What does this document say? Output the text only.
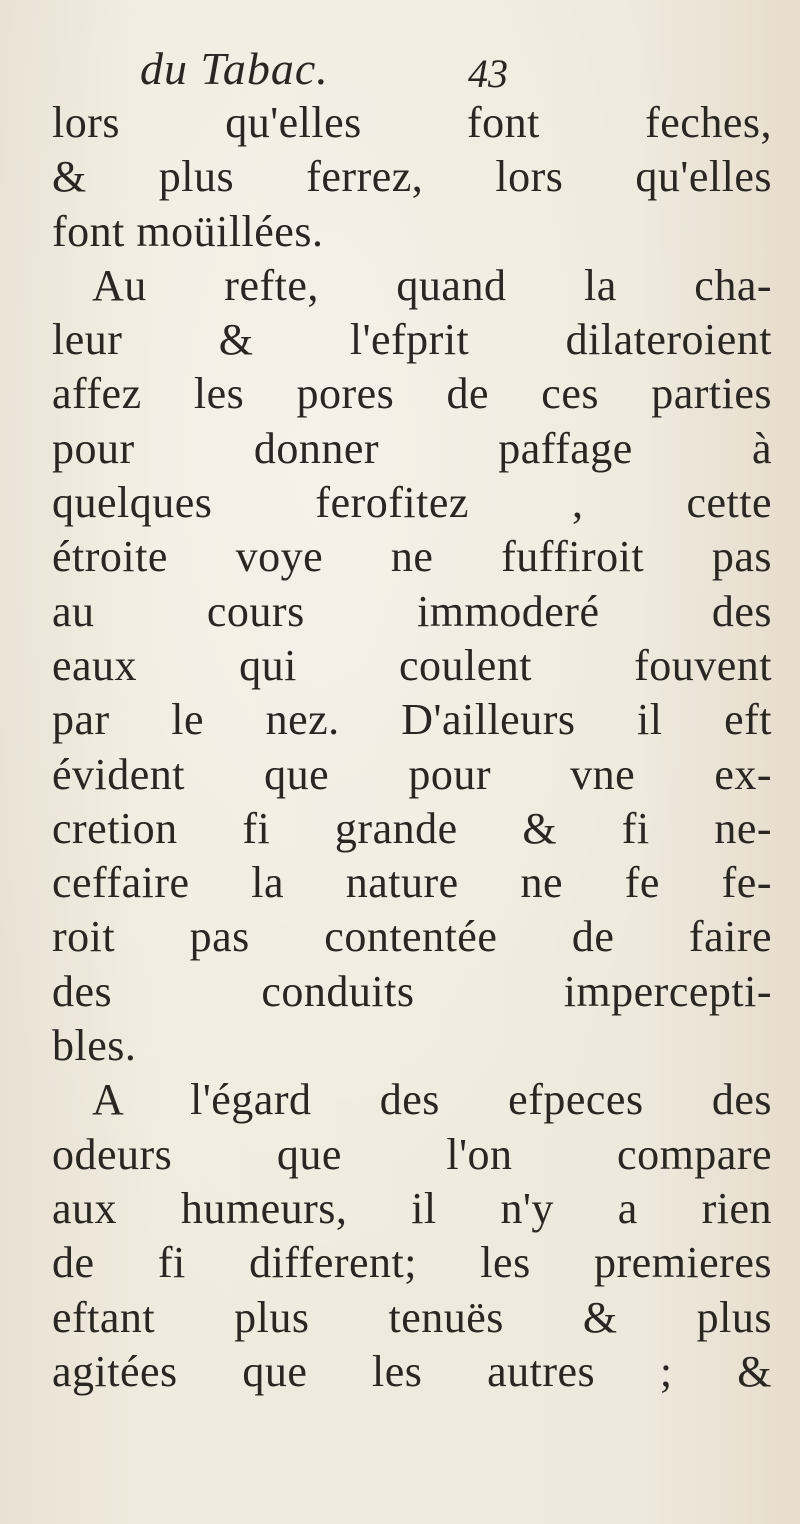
du Tabac.	43
lors qu'elles font feches,
& plus ferrez, lors qu'elles
font moüillées.
Au refte, quand la cha-
leur & l'efprit dilateroient
affez les pores de ces parties
pour donner paffage à
quelques ferofitez , cette
étroite voye ne fuffiroit pas
au cours immoderé des
eaux qui coulent fouvent
par le nez. D'ailleurs il eft
évident que pour vne ex-
cretion fi grande & fi ne-
ceffaire la nature ne fe fe-
roit pas contentée de faire
des conduits impercepti-
bles.
A l'égard des efpeces des
odeurs que l'on compare
aux humeurs, il n'y a rien
de fi different; les premieres
eftant plus tenuës & plus
agitées que les autres ; &
